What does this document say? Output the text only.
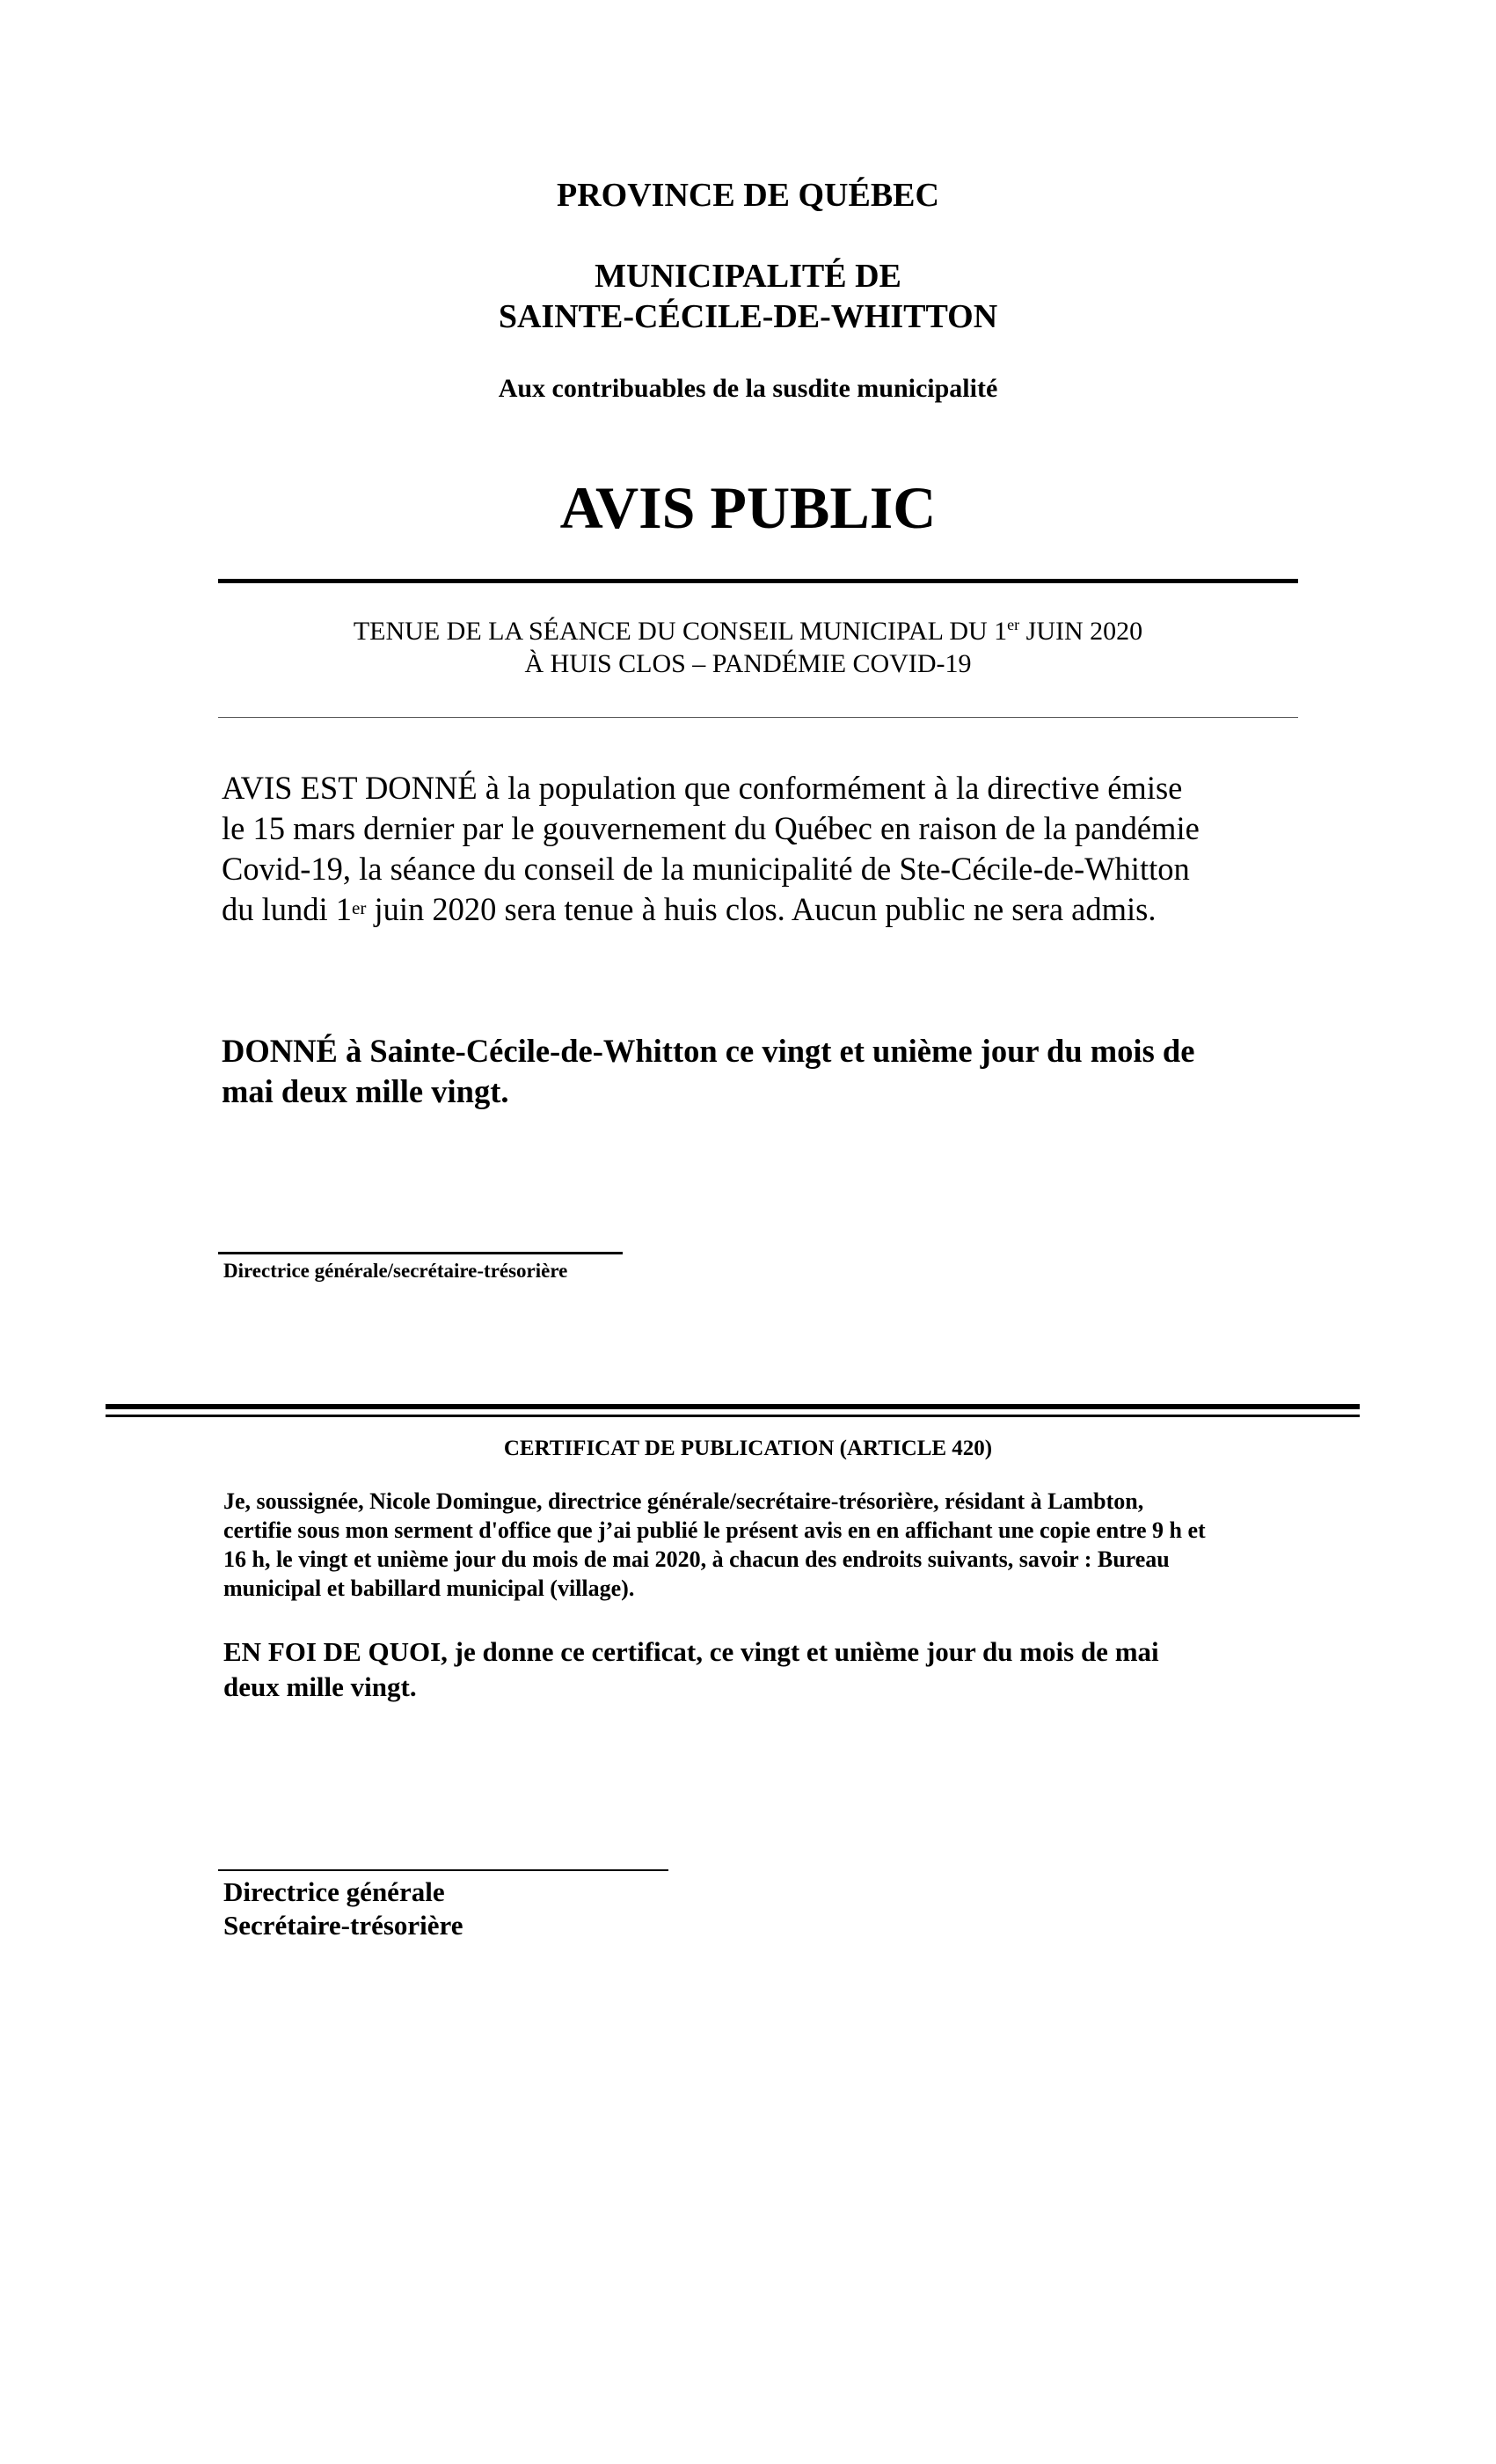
PROVINCE DE QUÉBEC
MUNICIPALITÉ DE
SAINTE-CÉCILE-DE-WHITTON
Aux contribuables de la susdite municipalité
AVIS PUBLIC
TENUE DE LA SÉANCE DU CONSEIL MUNICIPAL DU 1er JUIN 2020
À HUIS CLOS – PANDÉMIE COVID-19
AVIS EST DONNÉ à la population que conformément à la directive émise
le 15 mars dernier par le gouvernement du Québec en raison de la pandémie
Covid-19, la séance du conseil de la municipalité de Ste-Cécile-de-Whitton
du lundi 1er juin 2020 sera tenue à huis clos. Aucun public ne sera admis.
DONNÉ à Sainte-Cécile-de-Whitton ce vingt et unième jour du mois de
mai deux mille vingt.
Directrice générale/secrétaire-trésorière
CERTIFICAT DE PUBLICATION (ARTICLE 420)
Je, soussignée, Nicole Domingue, directrice générale/secrétaire-trésorière, résidant à Lambton,
certifie sous mon serment d'office que j’ai publié le présent avis en en affichant une copie entre 9 h et
16 h, le vingt et unième jour du mois de mai 2020, à chacun des endroits suivants, savoir : Bureau
municipal et babillard municipal (village).
EN FOI DE QUOI, je donne ce certificat, ce vingt et unième jour du mois de mai
deux mille vingt.
Directrice générale
Secrétaire-trésorière
